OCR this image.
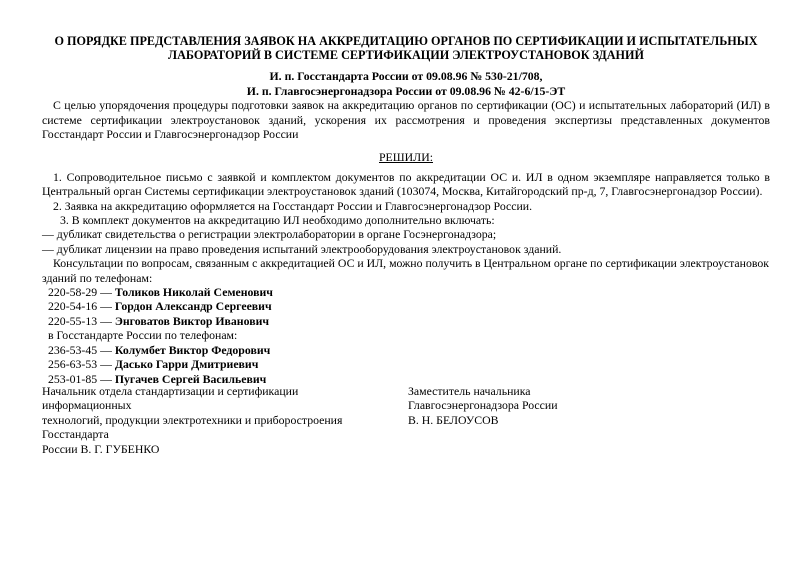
О ПОРЯДКЕ ПРЕДСТАВЛЕНИЯ ЗАЯВОК НА АККРЕДИТАЦИЮ ОРГАНОВ ПО СЕРТИФИКАЦИИ И ИСПЫТАТЕЛЬНЫХ ЛАБОРАТОРИЙ В СИСТЕМЕ СЕРТИФИКАЦИИ ЭЛЕКТРОУСТАНОВОК ЗДАНИЙ
И. п. Госстандарта России от 09.08.96 № 530-21/708,
И. п. Главгосэнергонадзора России от 09.08.96 № 42-6/15-ЭТ

С целью упорядочения процедуры подготовки заявок на аккредитацию органов по сертификации (ОС) и испытательных лабораторий (ИЛ) в системе сертификации электроустановок зданий, ускорения их рассмотрения и проведения экспертизы представленных документов Госстандарт России и Главгосэнергонадзор России

РЕШИЛИ:

1. Сопроводительное письмо с заявкой и комплектом документов по аккредитации ОС и. ИЛ в одном экземпляре направляется только в Центральный орган Системы сертификации электроустановок зданий (103074, Москва, Китайгородский пр-д, 7, Главгосэнергонадзор России).

2. Заявка на аккредитацию оформляется на Госстандарт России и Главгосэнергонадзор России.

3. В комплект документов на аккредитацию ИЛ необходимо дополнительно включать:

— дубликат свидетельства о регистрации электролаборатории в органе Госэнергонадзора;

— дубликат лицензии на право проведения испытаний электрооборудования электроустановок зданий.

Консультации по вопросам, связанным с аккредитацией ОС и ИЛ, можно получить в Центральном органе по сертификации электроустановок зданий по телефонам:

220-58-29 — Толиков Николай Семенович
220-54-16 — Гордон Александр Сергеевич
220-55-13 — Энговатов Виктор Иванович
в Госстандарте России по телефонам:
236-53-45 — Колумбет Виктор Федорович
256-63-53 — Дасько Гарри Дмитриевич
253-01-85 — Пугачев Сергей Васильевич
Начальник отдела стандартизации и сертификации информационных
технологий, продукции электротехники и приборостроения Госстандарта
России В. Г. ГУБЕНКО
Заместитель начальника
Главгосэнергонадзора России
В. Н. БЕЛОУСОВ
